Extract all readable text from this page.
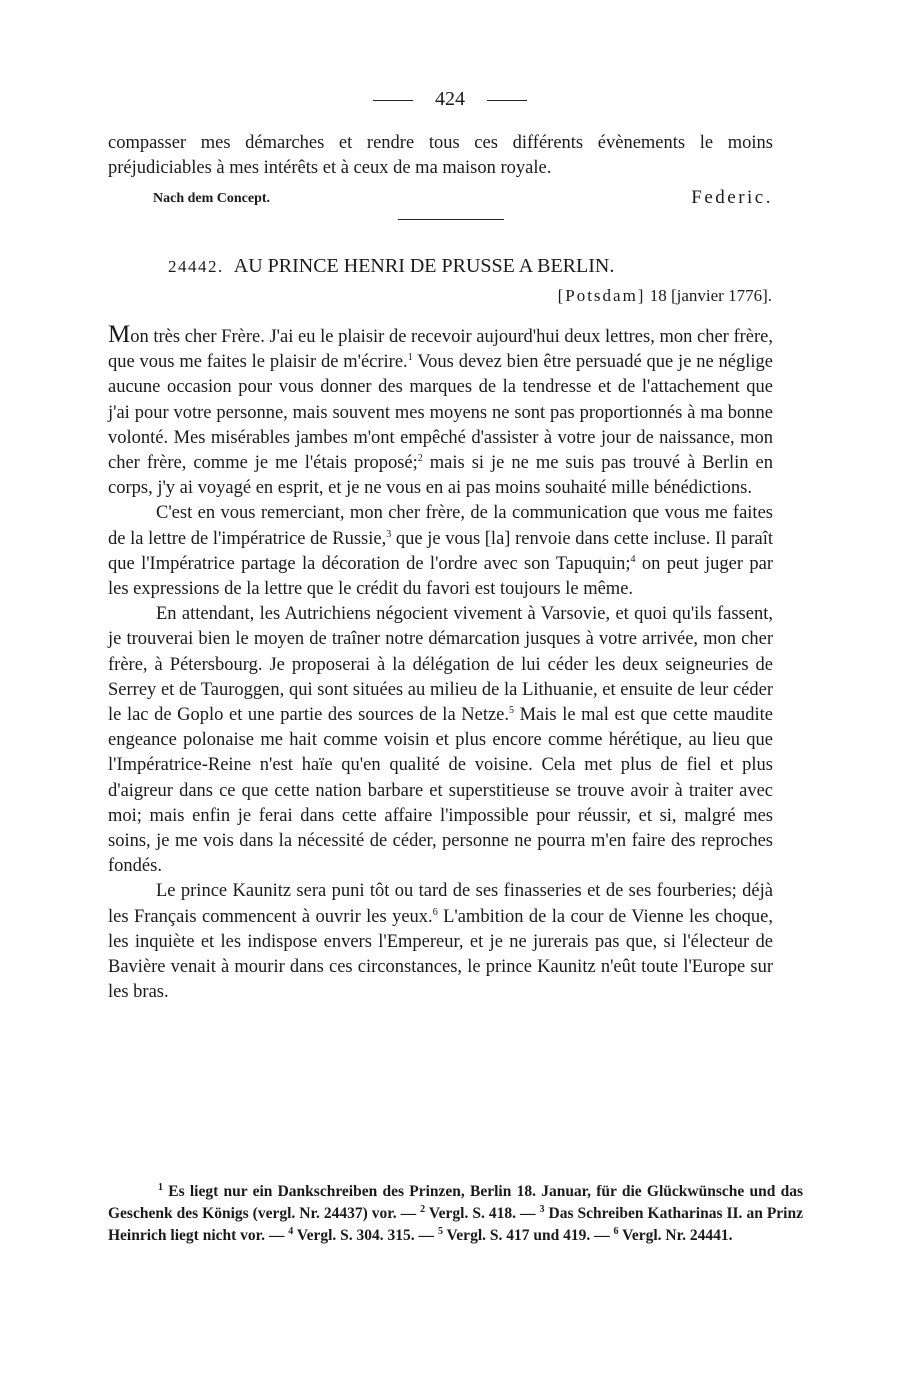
424

compasser mes démarches et rendre tous ces différents évènements le moins préjudiciables à mes intérêts et à ceux de ma maison royale.

Nach dem Concept.	Federic.
24442. AU PRINCE HENRI DE PRUSSE A BERLIN.
[Potsdam] 18 [janvier 1776].

Mon très cher Frère. J'ai eu le plaisir de recevoir aujourd'hui deux lettres, mon cher frère, que vous me faites le plaisir de m'écrire.$^1$ Vous devez bien être persuadé que je ne néglige aucune occasion pour vous donner des marques de la tendresse et de l'attachement que j'ai pour votre personne, mais souvent mes moyens ne sont pas proportionnés à ma bonne volonté. Mes misérables jambes m'ont empêché d'assister à votre jour de naissance, mon cher frère, comme je me l'étais proposé;$^2$ mais si je ne me suis pas trouvé à Berlin en corps, j'y ai voyagé en esprit, et je ne vous en ai pas moins souhaité mille bénédictions.

C'est en vous remerciant, mon cher frère, de la communication que vous me faites de la lettre de l'impératrice de Russie,$^3$ que je vous [la] renvoie dans cette incluse. Il paraît que l'Impératrice partage la décoration de l'ordre avec son Tapuquin;$^4$ on peut juger par les expressions de la lettre que le crédit du favori est toujours le même.

En attendant, les Autrichiens négocient vivement à Varsovie, et quoi qu'ils fassent, je trouverai bien le moyen de traîner notre démarcation jusques à votre arrivée, mon cher frère, à Pétersbourg. Je proposerai à la délégation de lui céder les deux seigneuries de Serrey et de Tauroggen, qui sont situées au milieu de la Lithuanie, et ensuite de leur céder le lac de Goplo et une partie des sources de la Netze.$^5$ Mais le mal est que cette maudite engeance polonaise me hait comme voisin et plus encore comme hérétique, au lieu que l'Impératrice-Reine n'est haïe qu'en qualité de voisine. Cela met plus de fiel et plus d'aigreur dans ce que cette nation barbare et superstitieuse se trouve avoir à traiter avec moi; mais enfin je ferai dans cette affaire l'impossible pour réussir, et si, malgré mes soins, je me vois dans la nécessité de céder, personne ne pourra m'en faire des reproches fondés.

Le prince Kaunitz sera puni tôt ou tard de ses finasseries et de ses fourberies; déjà les Français commencent à ouvrir les yeux.$^6$ L'ambition de la cour de Vienne les choque, les inquiète et les indispose envers l'Empereur, et je ne jurerais pas que, si l'électeur de Bavière venait à mourir dans ces circonstances, le prince Kaunitz n'eût toute l'Europe sur les bras.

$^1$ Es liegt nur ein Dankschreiben des Prinzen, Berlin 18. Januar, für die Glückwünsche und das Geschenk des Königs (vergl. Nr. 24437) vor. — $^2$ Vergl. S. 418. — $^3$ Das Schreiben Katharinas II. an Prinz Heinrich liegt nicht vor. — $^4$ Vergl. S. 304. 315. — $^5$ Vergl. S. 417 und 419. — $^6$ Vergl. Nr. 24441.
